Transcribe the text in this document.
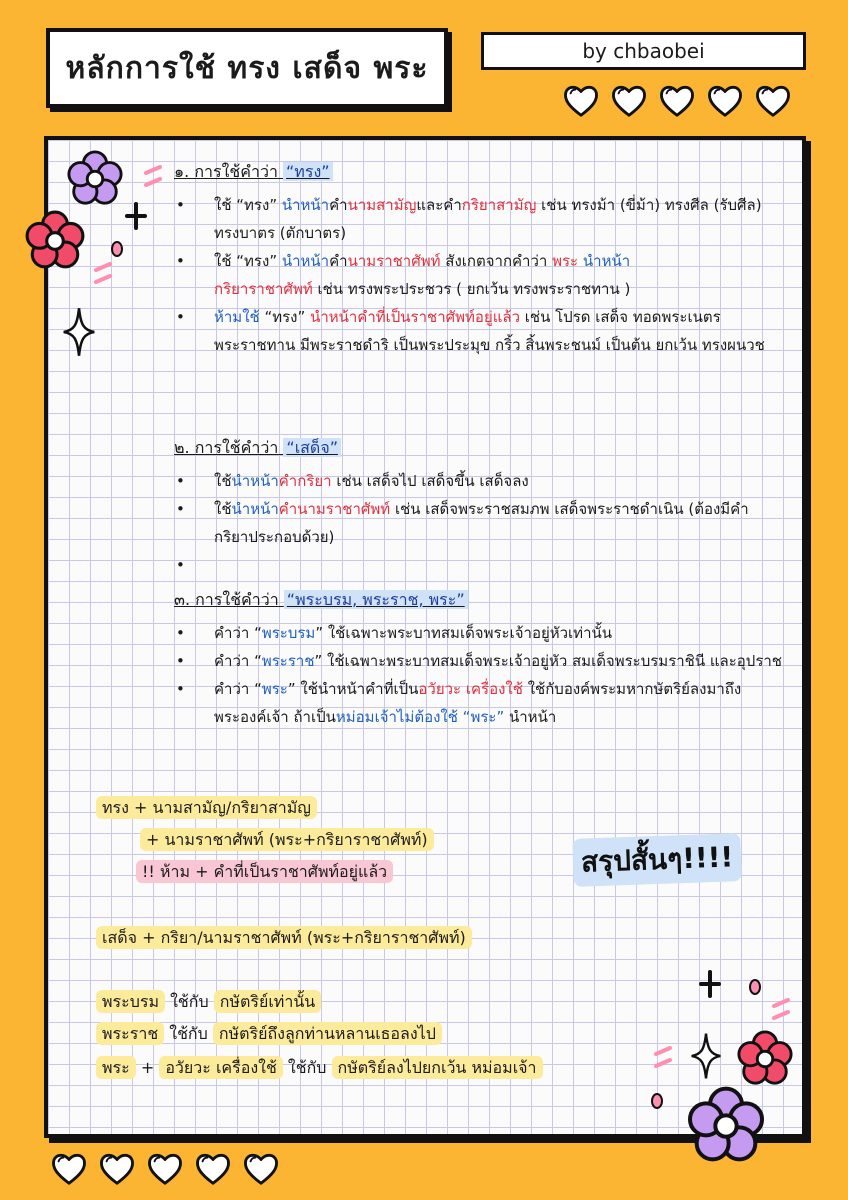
หลักการใช้ ทรง เสด็จ พระ	by chbaobei
๑. การใช้คำว่า “ทรง”
• ใช้ “ทรง” นำหน้าคำนามสามัญและคำกริยาสามัญ เช่น ทรงม้า (ขี่ม้า) ทรงศีล (รับศีล) ทรงบาตร (ตักบาตร)
• ใช้ “ทรง” นำหน้าคำนามราชาศัพท์ สังเกตจากคำว่า พระ นำหน้า
กริยาราชาศัพท์ เช่น ทรงพระประชวร ( ยกเว้น ทรงพระราชทาน )
• ห้ามใช้ “ทรง” นำหน้าคำที่เป็นราชาศัพท์อยู่แล้ว เช่น โปรด เสด็จ ทอดพระเนตร พระราชทาน มีพระราชดำริ เป็นพระประมุข กริ้ว สิ้นพระชนม์ เป็นต้น ยกเว้น ทรงผนวช
๒. การใช้คำว่า “เสด็จ”
• ใช้นำหน้าคำกริยา เช่น เสด็จไป เสด็จขึ้น เสด็จลง
• ใช้นำหน้าคำนามราชาศัพท์ เช่น เสด็จพระราชสมภพ เสด็จพระราชดำเนิน (ต้องมีคำกริยาประกอบด้วย)
•
๓. การใช้คำว่า “พระบรม, พระราช, พระ”
• คำว่า “พระบรม” ใช้เฉพาะพระบาทสมเด็จพระเจ้าอยู่หัวเท่านั้น
• คำว่า “พระราช” ใช้เฉพาะพระบาทสมเด็จพระเจ้าอยู่หัว สมเด็จพระบรมราชินี และอุปราช
• คำว่า “พระ” ใช้นำหน้าคำที่เป็นอวัยวะ เครื่องใช้ ใช้กับองค์พระมหากษัตริย์ลงมาถึงพระองค์เจ้า ถ้าเป็นหม่อมเจ้าไม่ต้องใช้ “พระ” นำหน้า
สรุปสั้นๆ!!!!
ทรง + นามสามัญ/กริยาสามัญ
+ นามราชาศัพท์ (พระ+กริยาราชาศัพท์)
!! ห้าม + คำที่เป็นราชาศัพท์อยู่แล้ว
เสด็จ + กริยา/นามราชาศัพท์ (พระ+กริยาราชาศัพท์)
พระบรม ใช้กับ กษัตริย์เท่านั้น
พระราช ใช้กับ กษัตริย์ถึงลูกท่านหลานเธอลงไป
พระ + อวัยวะ เครื่องใช้ ใช้กับ กษัตริย์ลงไปยกเว้น หม่อมเจ้า
